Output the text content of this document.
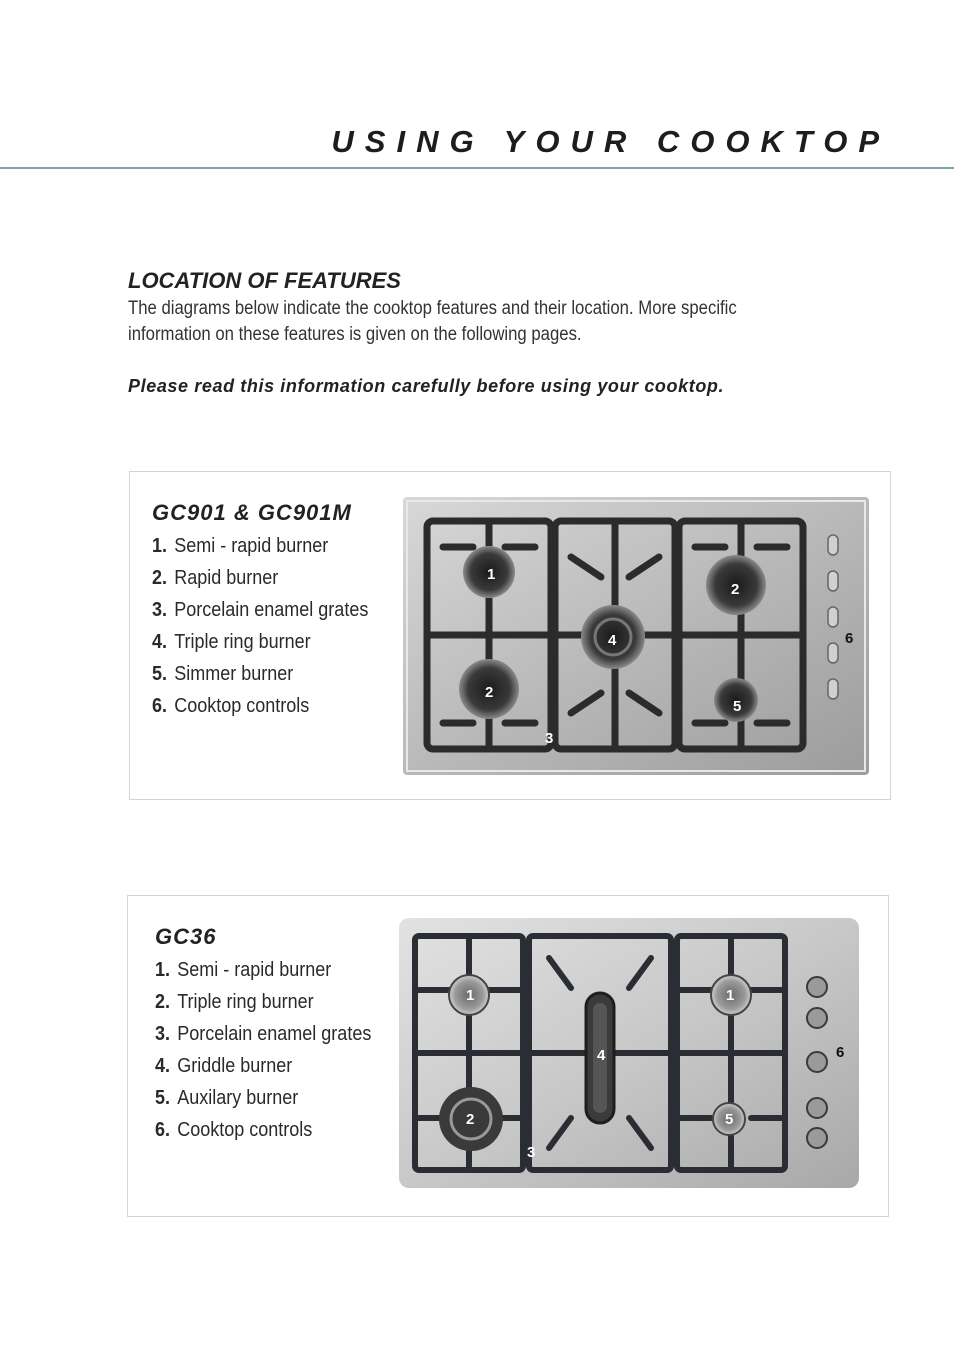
USING YOUR COOKTOP
LOCATION OF FEATURES

The diagrams below indicate the cooktop features and their location. More specific information on these features is given on the following pages.

Please read this information carefully before using your cooktop.

GC901 & GC901M
1. Semi - rapid burner
2. Rapid burner
3. Porcelain enamel grates
4. Triple ring burner
5. Simmer burner
6. Cooktop controls
1
2
4
2
5
3
6
GC36
1. Semi - rapid burner
2. Triple ring burner
3. Porcelain enamel grates
4. Griddle burner
5. Auxilary burner
6. Cooktop controls
1	1
4
2	5
3
6
